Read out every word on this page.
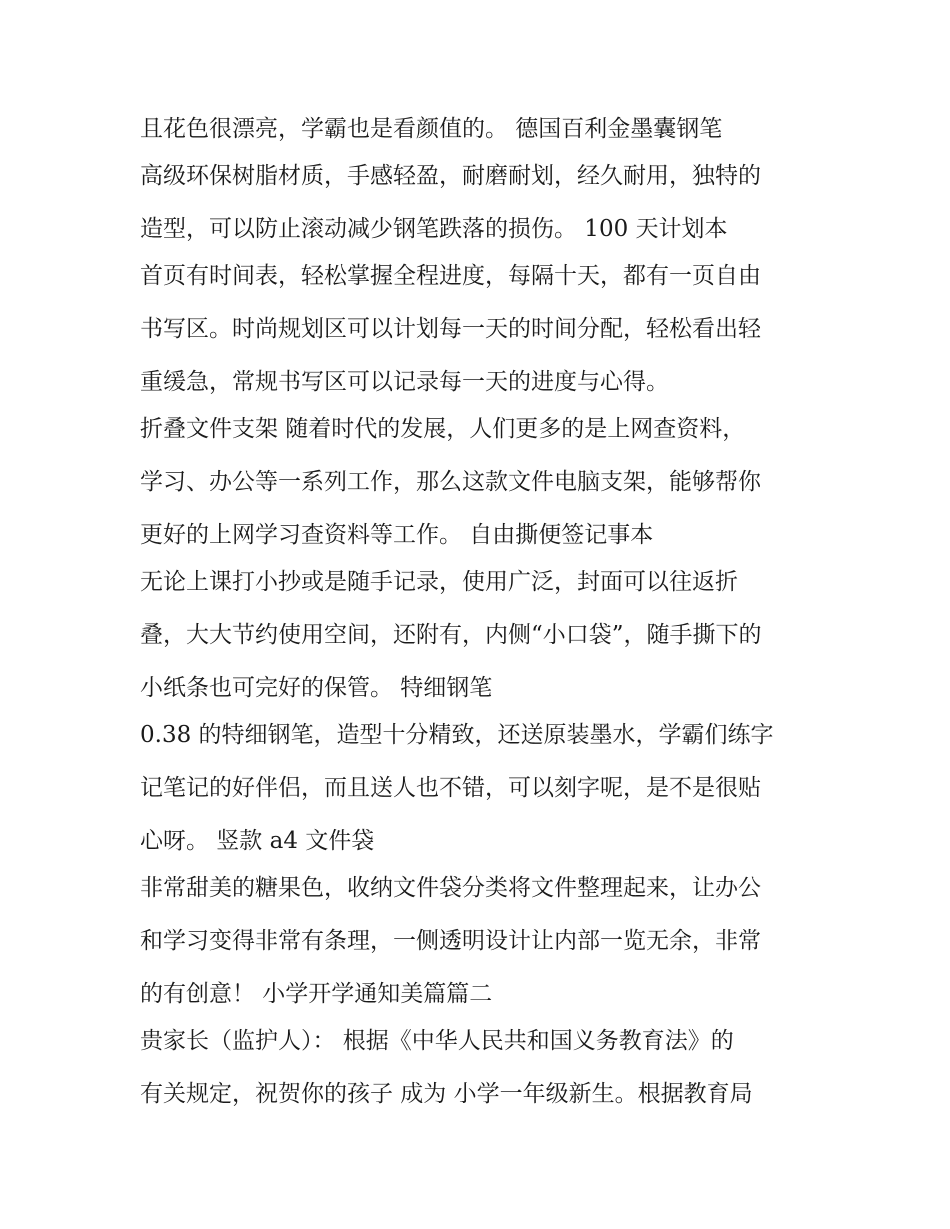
且花色很漂亮，学霸也是看颜值的。 德国百利金墨囊钢笔

高级环保树脂材质，手感轻盈，耐磨耐划，经久耐用，独特的

造型，可以防止滚动减少钢笔跌落的损伤。 100 天计划本

首页有时间表，轻松掌握全程进度，每隔十天，都有一页自由

书写区。时尚规划区可以计划每一天的时间分配，轻松看出轻

重缓急，常规书写区可以记录每一天的进度与心得。

折叠文件支架 随着时代的发展，人们更多的是上网查资料，

学习、办公等一系列工作，那么这款文件电脑支架，能够帮你

更好的上网学习查资料等工作。 自由撕便签记事本

无论上课打小抄或是随手记录，使用广泛，封面可以往返折

叠，大大节约使用空间，还附有，内侧“小口袋”，随手撕下的

小纸条也可完好的保管。 特细钢笔

0.38 的特细钢笔，造型十分精致，还送原装墨水，学霸们练字

记笔记的好伴侣，而且送人也不错，可以刻字呢，是不是很贴

心呀。 竖款 a4 文件袋

非常甜美的糖果色，收纳文件袋分类将文件整理起来，让办公

和学习变得非常有条理，一侧透明设计让内部一览无余，非常

的有创意！ 小学开学通知美篇篇二

贵家长（监护人）： 根据《中华人民共和国义务教育法》的

有关规定，祝贺你的孩子 成为 小学一年级新生。根据教育局
